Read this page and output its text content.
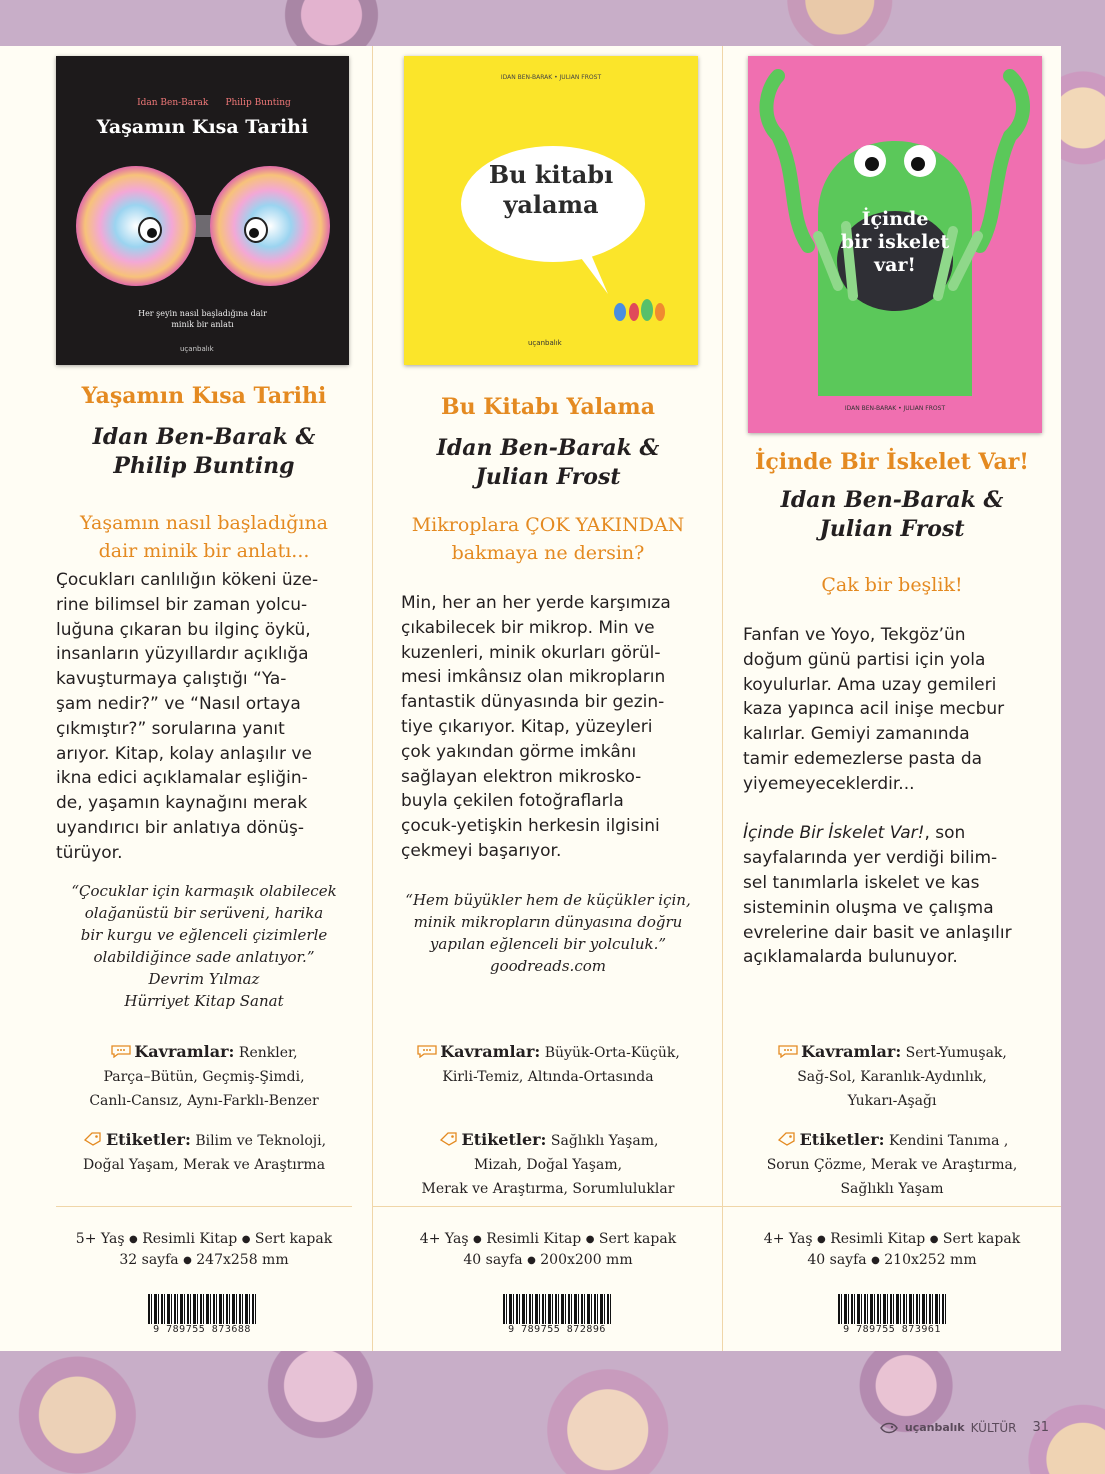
Idan Ben-Barak Philip Bunting

Yaşamın Kısa Tarihi
Her şeyin nasıl başladığına dair
minik bir anlatı
uçanbalık
Yaşamın Kısa Tarihi
Idan Ben-Barak &
Philip Bunting
Yaşamın nasıl başladığına
dair minik bir anlatı...
Çocukları canlılığın kökeni üze-
rine bilimsel bir zaman yolcu-
luğuna çıkaran bu ilginç öykü,
insanların yüzyıllardır açıklığa
kavuşturmaya çalıştığı “Ya-
şam nedir?” ve “Nasıl ortaya
çıkmıştır?” sorularına yanıt
arıyor. Kitap, kolay anlaşılır ve
ikna edici açıklamalar eşliğin-
de, yaşamın kaynağını merak
uyandırıcı bir anlatıya dönüş-
türüyor.
“Çocuklar için karmaşık olabilecek
olağanüstü bir serüveni, harika
bir kurgu ve eğlenceli çizimlerle
olabildiğince sade anlatıyor.”
Devrim Yılmaz
Hürriyet Kitap Sanat
Kavramlar: Renkler,
Parça–Bütün, Geçmiş-Şimdi,
Canlı-Cansız, Aynı-Farklı-Benzer
Etiketler: Bilim ve Teknoloji,
Doğal Yaşam, Merak ve Araştırma
5+ Yaş ● Resimli Kitap ● Sert kapak
32 sayfa ● 247x258 mm
9 789755 873688
IDAN BEN-BARAK • JULIAN FROST
Bu kitabı
yalama
uçanbalık
Bu Kitabı Yalama
Idan Ben-Barak &
Julian Frost
Mikroplara ÇOK YAKINDAN
bakmaya ne dersin?
Min, her an her yerde karşımıza
çıkabilecek bir mikrop. Min ve
kuzenleri, minik okurları görül-
mesi imkânsız olan mikropların
fantastik dünyasında bir gezin-
tiye çıkarıyor. Kitap, yüzeyleri
çok yakından görme imkânı
sağlayan elektron mikrosko-
buyla çekilen fotoğraflarla
çocuk-yetişkin herkesin ilgisini
çekmeyi başarıyor.
“Hem büyükler hem de küçükler için,
minik mikropların dünyasına doğru
yapılan eğlenceli bir yolculuk.”
goodreads.com
Kavramlar: Büyük-Orta-Küçük,
Kirli-Temiz, Altında-Ortasında
Etiketler: Sağlıklı Yaşam,
Mizah, Doğal Yaşam,
Merak ve Araştırma, Sorumluluklar
4+ Yaş ● Resimli Kitap ● Sert kapak
40 sayfa ● 200x200 mm
9 789755 872896
İçinde
bir iskelet
var!
IDAN BEN-BARAK • JULIAN FROST
İçinde Bir İskelet Var!
Idan Ben-Barak &
Julian Frost
Çak bir beşlik!
Fanfan ve Yoyo, Tekgöz’ün
doğum günü partisi için yola
koyulurlar. Ama uzay gemileri
kaza yapınca acil inişe mecbur
kalırlar. Gemiyi zamanında
tamir edemezlerse pasta da
yiyemeyeceklerdir...
İçinde Bir İskelet Var!, son
sayfalarında yer verdiği bilim-
sel tanımlarla iskelet ve kas
sisteminin oluşma ve çalışma
evrelerine dair basit ve anlaşılır
açıklamalarda bulunuyor.
Kavramlar: Sert-Yumuşak,
Sağ-Sol, Karanlık-Aydınlık,
Yukarı-Aşağı
Etiketler: Kendini Tanıma ,
Sorun Çözme, Merak ve Araştırma,
Sağlıklı Yaşam
4+ Yaş ● Resimli Kitap ● Sert kapak
40 sayfa ● 210x252 mm
9 789755 873961
uçanbalık KÜLTÜR 31
